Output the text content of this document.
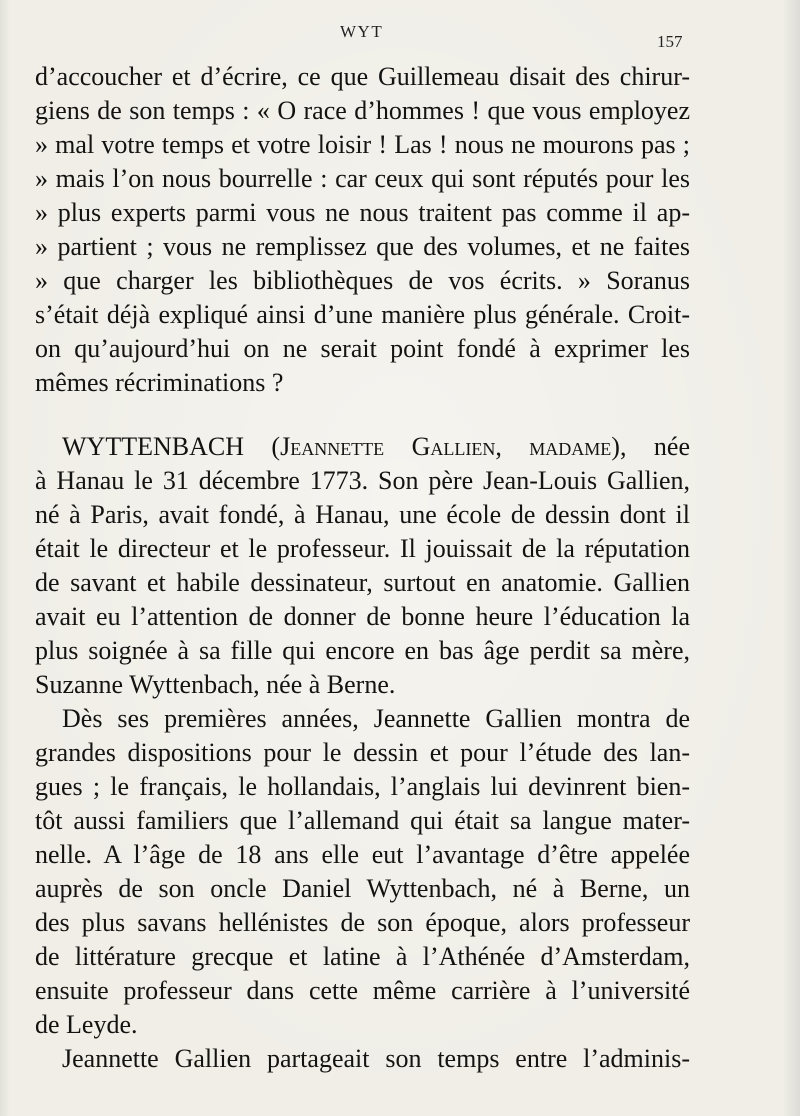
WYT
157
d’accoucher et d’écrire, ce que Guillemeau disait des chirur-
giens de son temps : « O race d’hommes ! que vous employez
» mal votre temps et votre loisir ! Las ! nous ne mourons pas ;
» mais l’on nous bourrelle : car ceux qui sont réputés pour les
» plus experts parmi vous ne nous traitent pas comme il ap-
» partient ; vous ne remplissez que des volumes, et ne faites
» que charger les bibliothèques de vos écrits. » Soranus
s’était déjà expliqué ainsi d’une manière plus générale. Croit-
on qu’aujourd’hui on ne serait point fondé à exprimer les
mêmes récriminations ?
WYTTENBACH (Jeannette Gallien, madame), née
à Hanau le 31 décembre 1773. Son père Jean-Louis Gallien,
né à Paris, avait fondé, à Hanau, une école de dessin dont il
était le directeur et le professeur. Il jouissait de la réputation
de savant et habile dessinateur, surtout en anatomie. Gallien
avait eu l’attention de donner de bonne heure l’éducation la
plus soignée à sa fille qui encore en bas âge perdit sa mère,
Suzanne Wyttenbach, née à Berne.
Dès ses premières années, Jeannette Gallien montra de
grandes dispositions pour le dessin et pour l’étude des lan-
gues ; le français, le hollandais, l’anglais lui devinrent bien-
tôt aussi familiers que l’allemand qui était sa langue mater-
nelle. A l’âge de 18 ans elle eut l’avantage d’être appelée
auprès de son oncle Daniel Wyttenbach, né à Berne, un
des plus savans hellénistes de son époque, alors professeur
de littérature grecque et latine à l’Athénée d’Amsterdam,
ensuite professeur dans cette même carrière à l’université
de Leyde.
Jeannette Gallien partageait son temps entre l’adminis-
